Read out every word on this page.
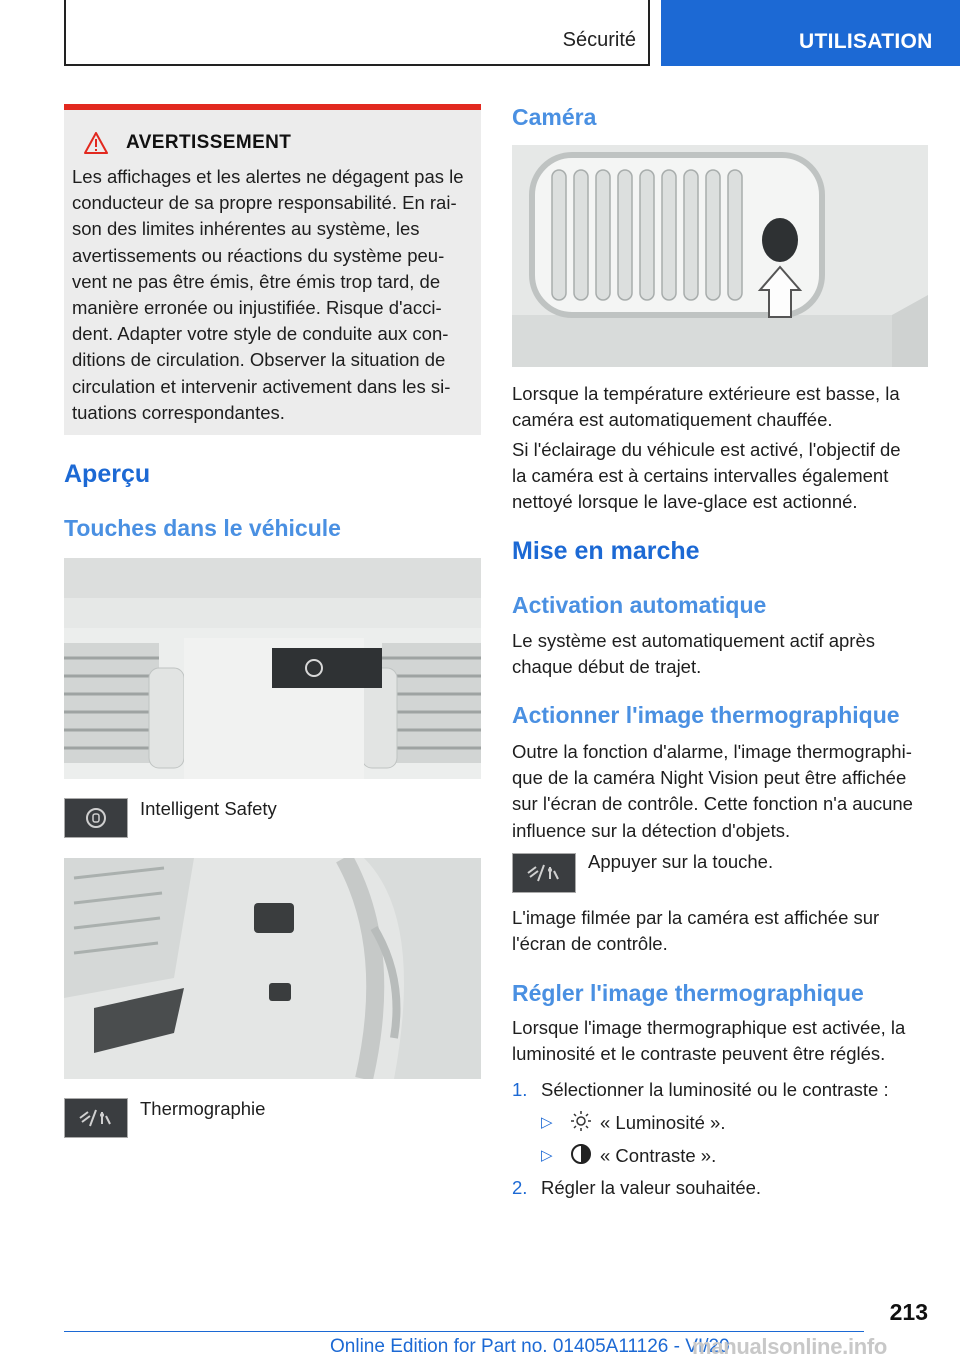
Sécurité	UTILISATION
AVERTISSEMENT
Les affichages et les alertes ne dégagent pas le
conducteur de sa propre responsabilité. En rai-
son des limites inhérentes au système, les
avertissements ou réactions du système peu-
vent ne pas être émis, être émis trop tard, de
manière erronée ou injustifiée. Risque d'acci-
dent. Adapter votre style de conduite aux con-
ditions de circulation. Observer la situation de
circulation et intervenir activement dans les si-
tuations correspondantes.
Aperçu
Touches dans le véhicule
Intelligent Safety
Thermographie
Caméra
Lorsque la température extérieure est basse, la
caméra est automatiquement chauffée.
Si l'éclairage du véhicule est activé, l'objectif de
la caméra est à certains intervalles également
nettoyé lorsque le lave-glace est actionné.
Mise en marche
Activation automatique
Le système est automatiquement actif après
chaque début de trajet.
Actionner l'image thermographique
Outre la fonction d'alarme, l'image thermographi-
que de la caméra Night Vision peut être affichée
sur l'écran de contrôle. Cette fonction n'a aucune
influence sur la détection d'objets.
Appuyer sur la touche.
L'image filmée par la caméra est affichée sur
l'écran de contrôle.
Régler l'image thermographique
Lorsque l'image thermographique est activée, la
luminosité et le contraste peuvent être réglés.
1. Sélectionner la luminosité ou le contraste :
▷	« Luminosité ».
▷	« Contraste ».
2. Régler la valeur souhaitée.
213
Online Edition for Part no. 01405A11126 - VI/20
manualsonline.info
